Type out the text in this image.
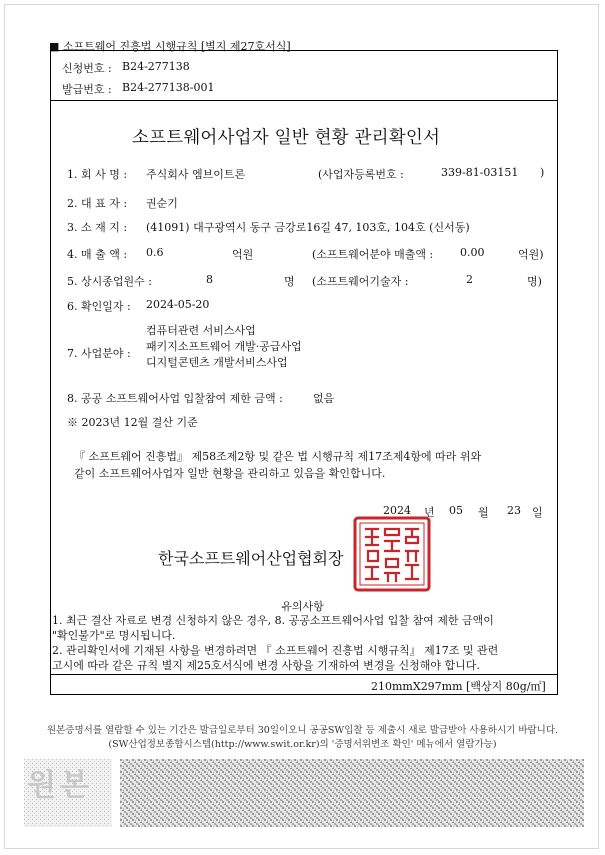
■ 소프트웨어 진흥법 시행규칙 [별지 제27호서식]
신청번호 : B24-277138
발급번호 : B24-277138-001
소프트웨어사업자 일반 현황 관리확인서
1. 회 사 명 : 주식회사 엠브이트론	(사업자등록번호 :	339-81-03151 )
2. 대 표 자 : 권순기
3. 소 재 지 : (41091) 대구광역시 동구 금강로16길 47, 103호, 104호 (신서동)
4. 매 출 액 : 0.6	억원	(소프트웨어분야 매출액 : 0.00	억원)
5. 상시종업원수 :	8	명 (소프트웨어기술자 :	2	명)
6. 확인일자 : 2024-05-20
7. 사업분야 :
컴퓨터관련 서비스사업
패키지소프트웨어 개발·공급사업
디지털콘텐츠 개발서비스사업
8. 공공 소프트웨어사업 입찰참여 제한 금액 :	없음
※ 2023년 12월 결산 기준
『 소프트웨어 진흥법』 제58조제2항 및 같은 법 시행규칙 제17조제4항에 따라 위와
같이 소프트웨어사업자 일반 현황을 관리하고 있음을 확인합니다.
2024 년 05 월 23 일
한국소프트웨어산업협회장
유의사항
1. 최근 결산 자료로 변경 신청하지 않은 경우, 8. 공공소프트웨어사업 입찰 참여 제한 금액이
"확인불가"로 명시됩니다.
2. 관리확인서에 기재된 사항을 변경하려면 『 소프트웨어 진흥법 시행규칙』 제17조 및 관련
고시에 따라 같은 규칙 별지 제25호서식에 변경 사항을 기재하여 변경을 신청해야 합니다.
210mmX297mm [백상지 80g/㎡]
원본증명서를 열람할 수 있는 기간은 발급일로부터 30일이오니 공공SW입찰 등 제출시 새로 발급받아 사용하시기 바랍니다.
(SW산업정보종합시스템(http://www.swit.or.kr)의 '증명서위변조 확인' 메뉴에서 열람가능)
원본
